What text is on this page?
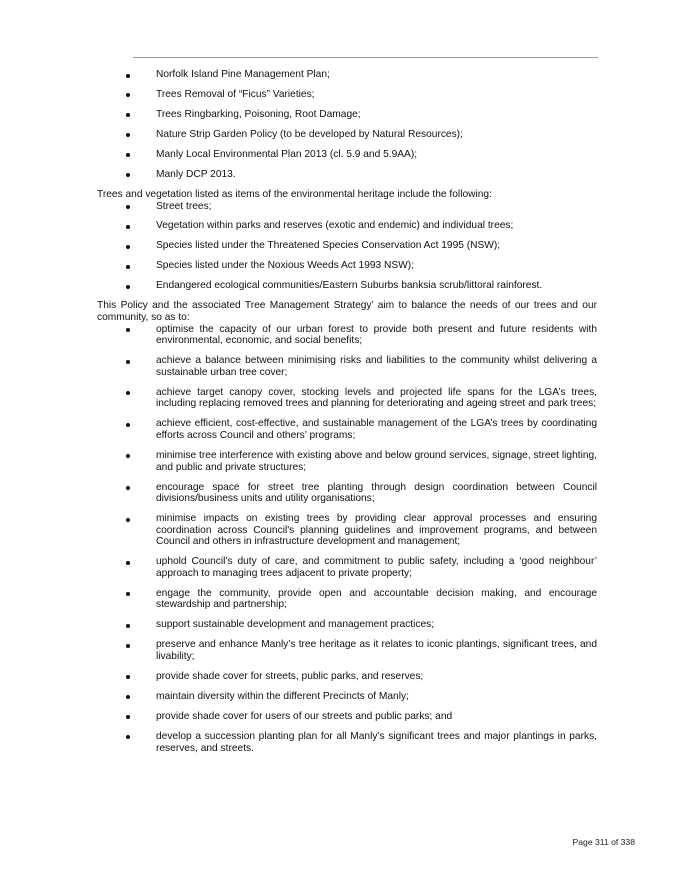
Norfolk Island Pine Management Plan;
Trees Removal of “Ficus” Varieties;
Trees Ringbarking, Poisoning, Root Damage;
Nature Strip Garden Policy (to be developed by Natural Resources);
Manly Local Environmental Plan 2013 (cl. 5.9 and 5.9AA);
Manly DCP 2013.

Trees and vegetation listed as items of the environmental heritage include the following:

Street trees;
Vegetation within parks and reserves (exotic and endemic) and individual trees;
Species listed under the Threatened Species Conservation Act 1995 (NSW);
Species listed under the Noxious Weeds Act 1993 NSW);
Endangered ecological communities/Eastern Suburbs banksia scrub/littoral rainforest.

This Policy and the associated Tree Management Strategy’ aim to balance the needs of our trees and our community, so as to:

optimise the capacity of our urban forest to provide both present and future residents with environmental, economic, and social benefits;
achieve a balance between minimising risks and liabilities to the community whilst delivering a sustainable urban tree cover;
achieve target canopy cover, stocking levels and projected life spans for the LGA’s trees, including replacing removed trees and planning for deteriorating and ageing street and park trees;
achieve efficient, cost-effective, and sustainable management of the LGA’s trees by coordinating efforts across Council and others’ programs;
minimise tree interference with existing above and below ground services, signage, street lighting, and public and private structures;
encourage space for street tree planting through design coordination between Council divisions/business units and utility organisations;
minimise impacts on existing trees by providing clear approval processes and ensuring coordination across Council's planning guidelines and improvement programs, and between Council and others in infrastructure development and management;
uphold Council’s duty of care, and commitment to public safety, including a ‘good neighbour’ approach to managing trees adjacent to private property;
engage the community, provide open and accountable decision making, and encourage stewardship and partnership;
support sustainable development and management practices;
preserve and enhance Manly’s tree heritage as it relates to iconic plantings, significant trees, and livability;
provide shade cover for streets, public parks, and reserves;
maintain diversity within the different Precincts of Manly;
provide shade cover for users of our streets and public parks; and
develop a succession planting plan for all Manly’s significant trees and major plantings in parks, reserves, and streets.
Page 311 of 338
